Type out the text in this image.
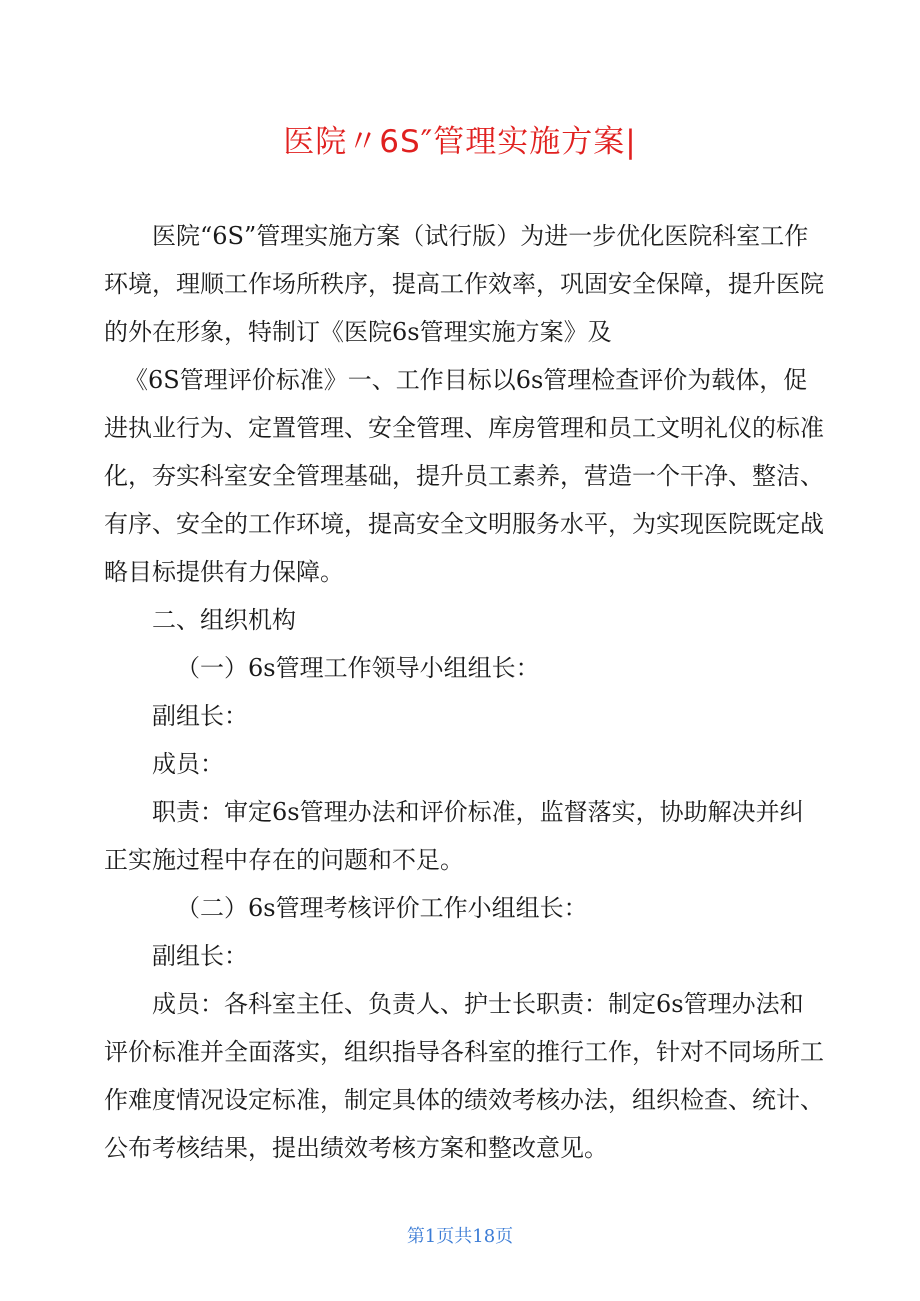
医院〃6S″管理实施方案|

医院“6S”管理实施方案（试行版）为进一步优化医院科室工作环境，理顺工作场所秩序，提高工作效率，巩固安全保障，提升医院的外在形象，特制订《医院6s管理实施方案》及

《6S管理评价标准》一、工作目标以6s管理检查评价为载体，促进执业行为、定置管理、安全管理、库房管理和员工文明礼仪的标准化，夯实科室安全管理基础，提升员工素养，营造一个干净、整洁、有序、安全的工作环境，提高安全文明服务水平，为实现医院既定战略目标提供有力保障。

二、组织机构

（一）6s管理工作领导小组组长：

副组长：

成员：

职责：审定6s管理办法和评价标准，监督落实，协助解决并纠正实施过程中存在的问题和不足。

（二）6s管理考核评价工作小组组长：

副组长：

成员：各科室主任、负责人、护士长职责：制定6s管理办法和评价标准并全面落实，组织指导各科室的推行工作，针对不同场所工作难度情况设定标准，制定具体的绩效考核办法，组织检查、统计、公布考核结果，提出绩效考核方案和整改意见。

第1页共18页
